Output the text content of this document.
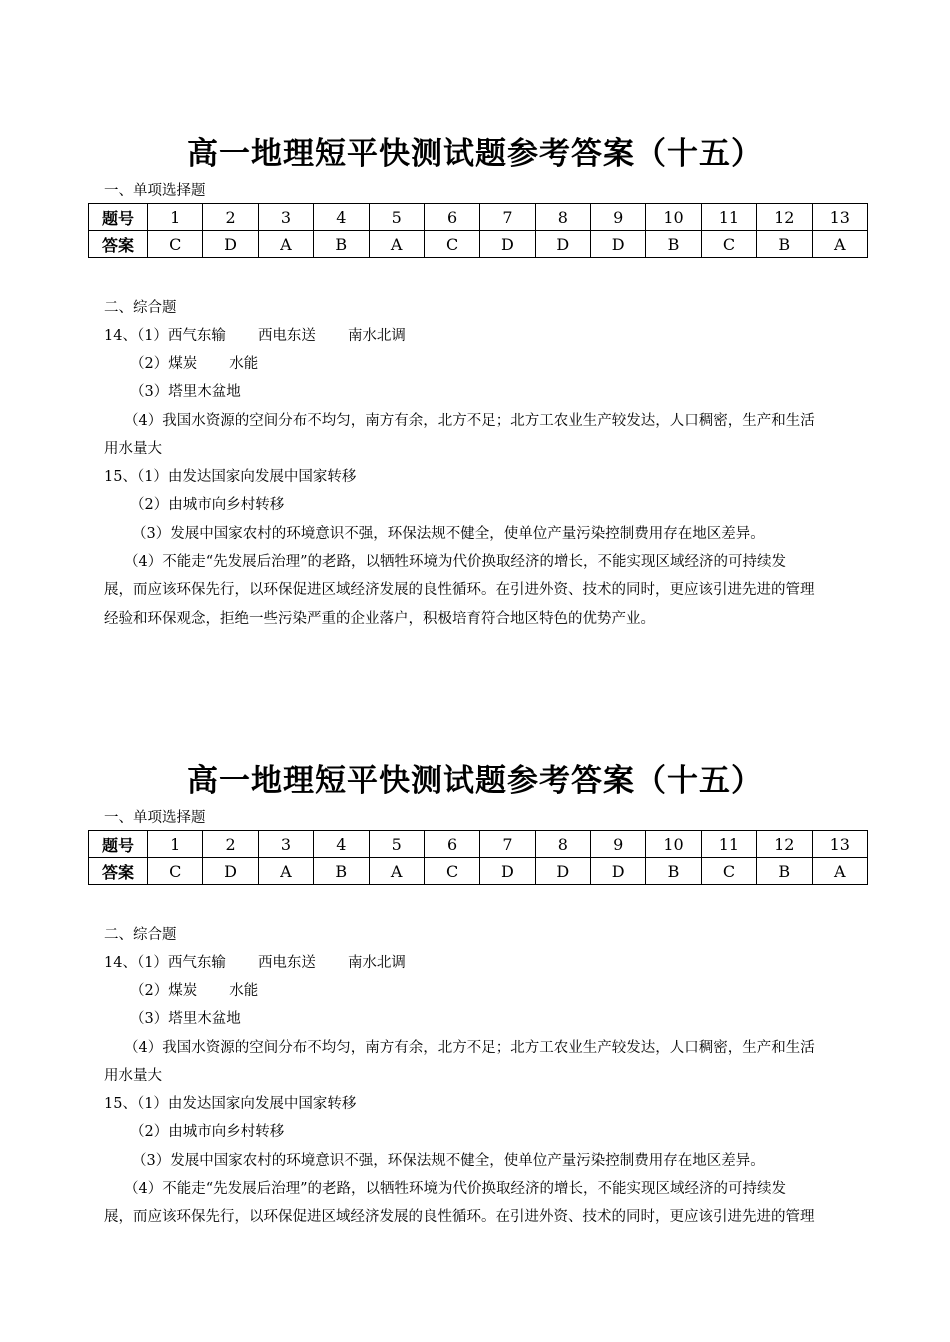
高一地理短平快测试题参考答案（十五）
一、单项选择题
题号	1	2	3	4	5	6	7	8	9	10	11	12	13
答案	C	D	A	B	A	C	D	D	D	B	C	B	A
二、综合题
14、（1）西气东输 西电东送 南水北调
（2）煤炭 水能
（3）塔里木盆地
（4）我国水资源的空间分布不均匀，南方有余，北方不足；北方工农业生产较发达，人口稠密，生产和生活
用水量大
15、（1）由发达国家向发展中国家转移
（2）由城市向乡村转移
（3）发展中国家农村的环境意识不强，环保法规不健全，使单位产量污染控制费用存在地区差异。
（4）不能走“先发展后治理”的老路，以牺牲环境为代价换取经济的增长，不能实现区域经济的可持续发
展，而应该环保先行，以环保促进区域经济发展的良性循环。在引进外资、技术的同时，更应该引进先进的管理
经验和环保观念，拒绝一些污染严重的企业落户，积极培育符合地区特色的优势产业。
高一地理短平快测试题参考答案（十五）
一、单项选择题
题号	1	2	3	4	5	6	7	8	9	10	11	12	13
答案	C	D	A	B	A	C	D	D	D	B	C	B	A
二、综合题
14、（1）西气东输 西电东送 南水北调
（2）煤炭 水能
（3）塔里木盆地
（4）我国水资源的空间分布不均匀，南方有余，北方不足；北方工农业生产较发达，人口稠密，生产和生活
用水量大
15、（1）由发达国家向发展中国家转移
（2）由城市向乡村转移
（3）发展中国家农村的环境意识不强，环保法规不健全，使单位产量污染控制费用存在地区差异。
（4）不能走“先发展后治理”的老路，以牺牲环境为代价换取经济的增长，不能实现区域经济的可持续发
展，而应该环保先行，以环保促进区域经济发展的良性循环。在引进外资、技术的同时，更应该引进先进的管理
